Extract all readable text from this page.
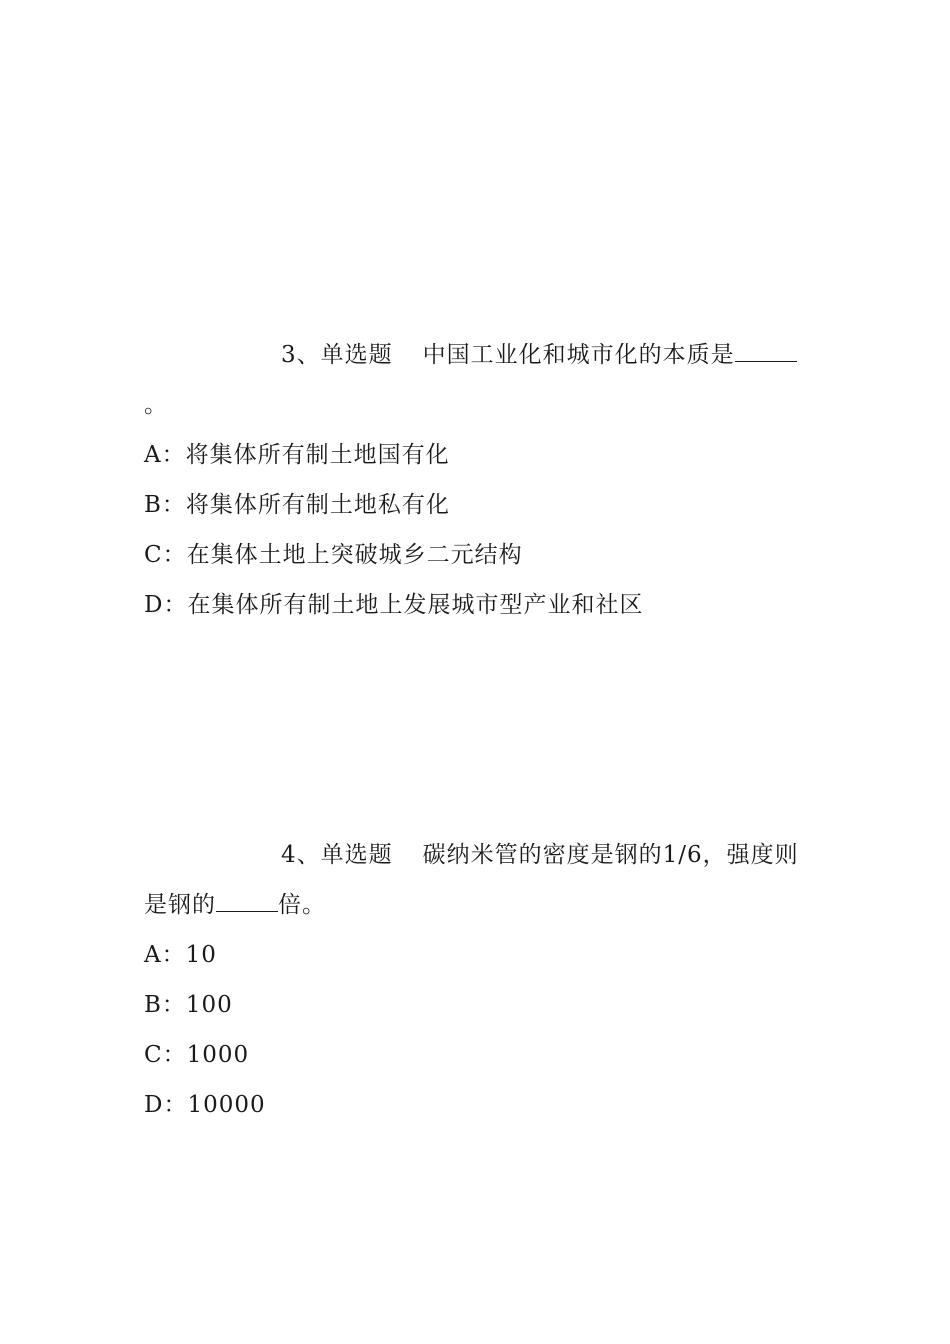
3、单选题 中国工业化和城市化的本质是。

A：将集体所有制土地国有化
B：将集体所有制土地私有化
C：在集体土地上突破城乡二元结构
D：在集体所有制土地上发展城市型产业和社区

4、单选题 碳纳米管的密度是钢的1/6，强度则是钢的	倍。

A：10
B：100
C：1000
D：10000
